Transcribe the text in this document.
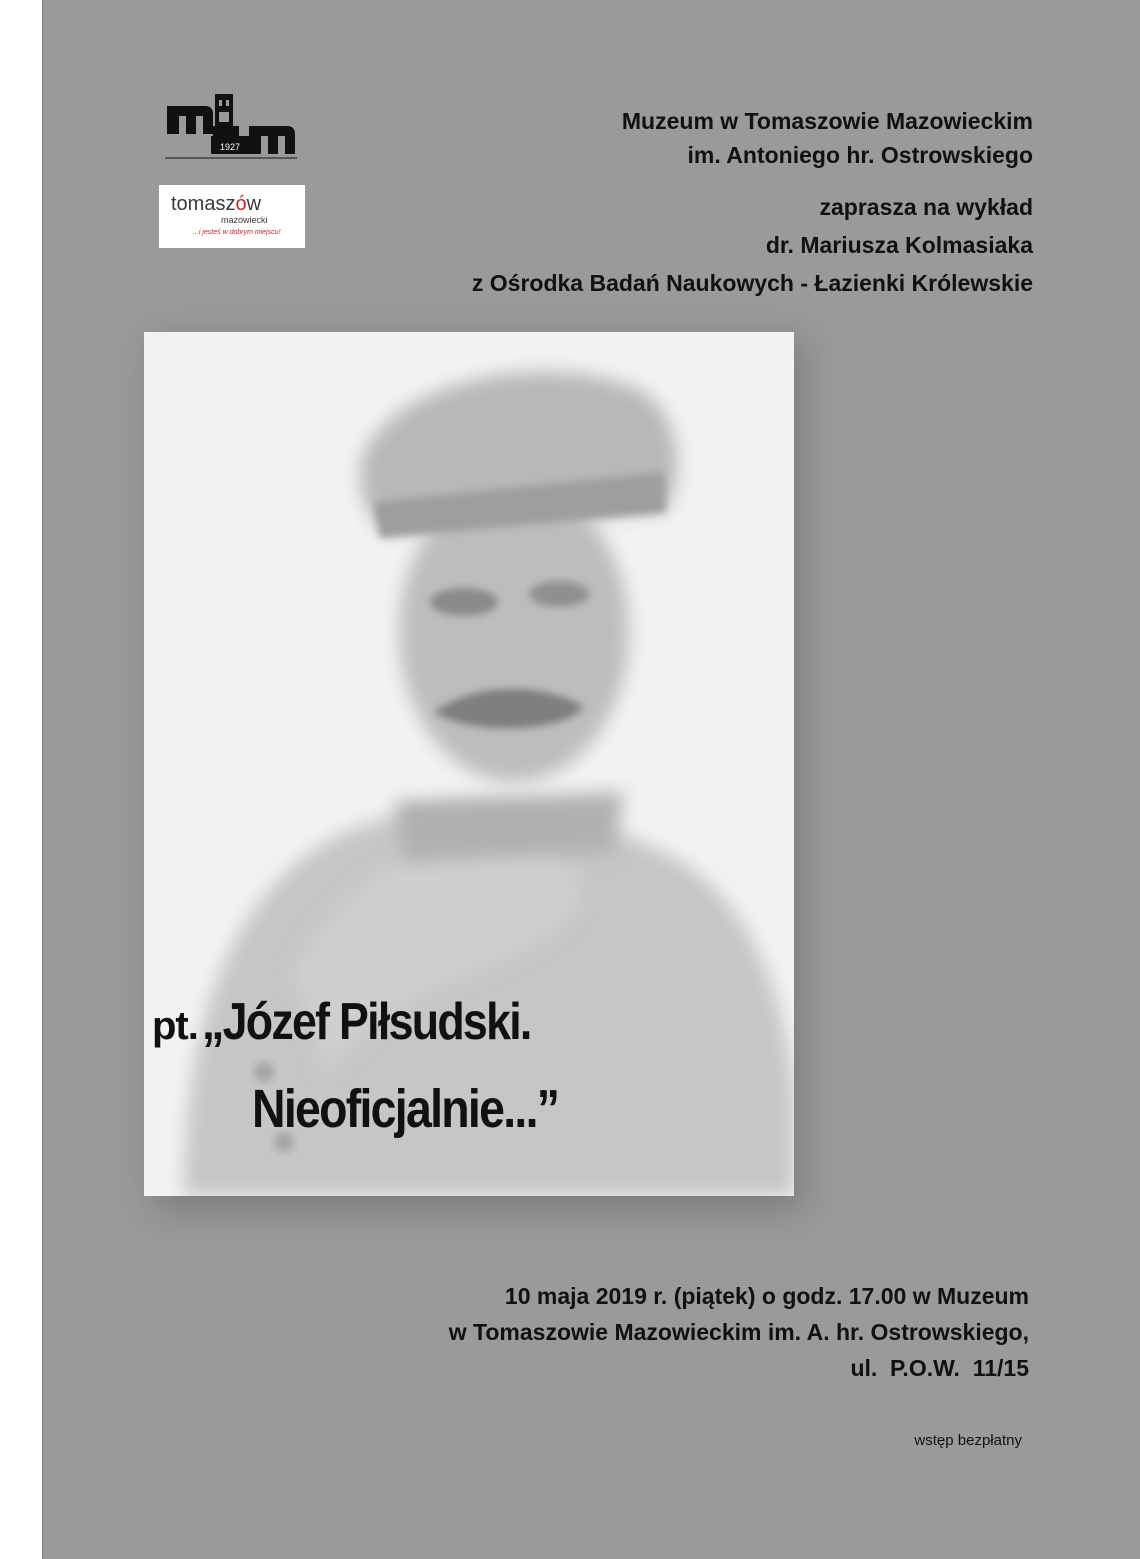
1927
tomaszów
mazowiecki
...i jesteś w dobrym miejscu!
Muzeum w Tomaszowie Mazowieckim
im. Antoniego hr. Ostrowskiego
zaprasza na wykład
dr. Mariusza Kolmasiaka
z Ośrodka Badań Naukowych - Łazienki Królewskie
pt. „Józef Piłsudski.
Nieoficjalnie...”
10 maja 2019 r. (piątek) o godz. 17.00 w Muzeum
w Tomaszowie Mazowieckim im. A. hr. Ostrowskiego,
ul.  P.O.W.  11/15
wstęp bezpłatny
